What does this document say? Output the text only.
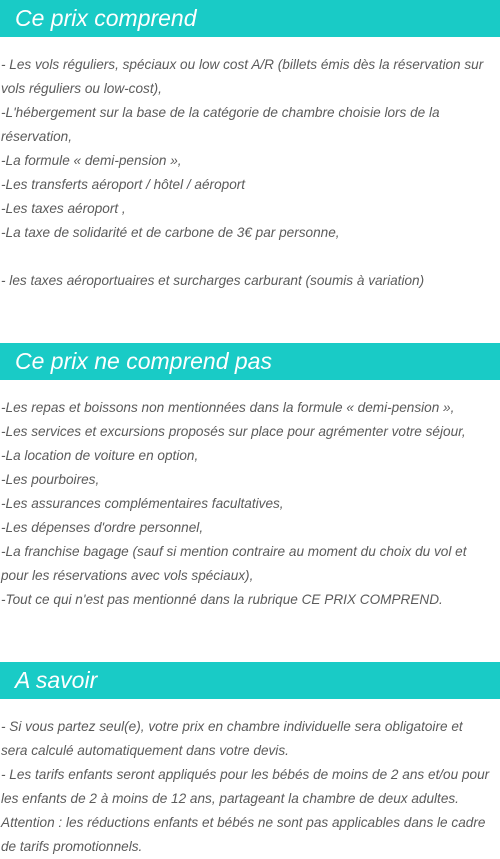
Ce prix comprend
- Les vols réguliers, spéciaux ou low cost A/R (billets émis dès la réservation sur
vols réguliers ou low-cost),
-L'hébergement sur la base de la catégorie de chambre choisie lors de la
réservation,
-La formule « demi-pension »,
-Les transferts aéroport / hôtel / aéroport
-Les taxes aéroport ,
-La taxe de solidarité et de carbone de 3€ par personne,
- les taxes aéroportuaires et surcharges carburant (soumis à variation)
Ce prix ne comprend pas
-Les repas et boissons non mentionnées dans la formule « demi-pension »,
-Les services et excursions proposés sur place pour agrémenter votre séjour,
-La location de voiture en option,
-Les pourboires,
-Les assurances complémentaires facultatives,
-Les dépenses d'ordre personnel,
-La franchise bagage (sauf si mention contraire au moment du choix du vol et
pour les réservations avec vols spéciaux),
-Tout ce qui n'est pas mentionné dans la rubrique CE PRIX COMPREND.
A savoir
- Si vous partez seul(e), votre prix en chambre individuelle sera obligatoire et
sera calculé automatiquement dans votre devis.
- Les tarifs enfants seront appliqués pour les bébés de moins de 2 ans et/ou pour
les enfants de 2 à moins de 12 ans, partageant la chambre de deux adultes.
Attention : les réductions enfants et bébés ne sont pas applicables dans le cadre
de tarifs promotionnels.
